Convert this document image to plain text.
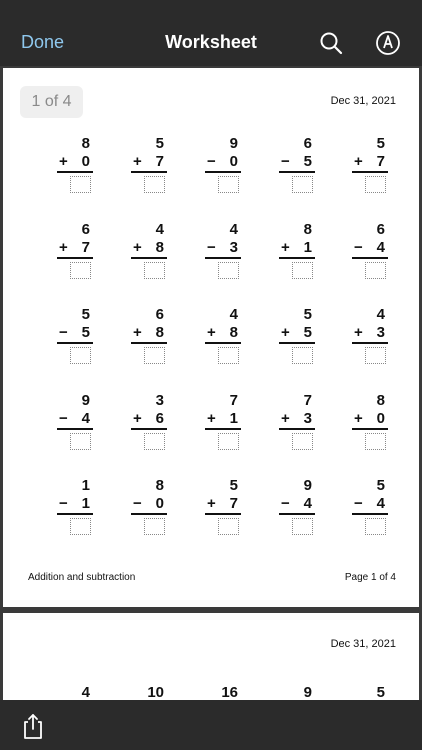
Done	Worksheet
1 of 4	Dec 31, 2021
8
+ 0
5
+ 7
9
− 0
6
− 5
5
+ 7
6
+ 7
4
+ 8
4
− 3
8
+ 1
6
− 4
5
− 5
6
+ 8
4
+ 8
5
+ 5
4
+ 3
9
− 4
3
+ 6
7
+ 1
7
+ 3
8
+ 0
1
− 1
8
− 0
5
+ 7
9
− 4
5
− 4
Addition and subtraction	Page 1 of 4
Dec 31, 2021
4	10	16	9	5
